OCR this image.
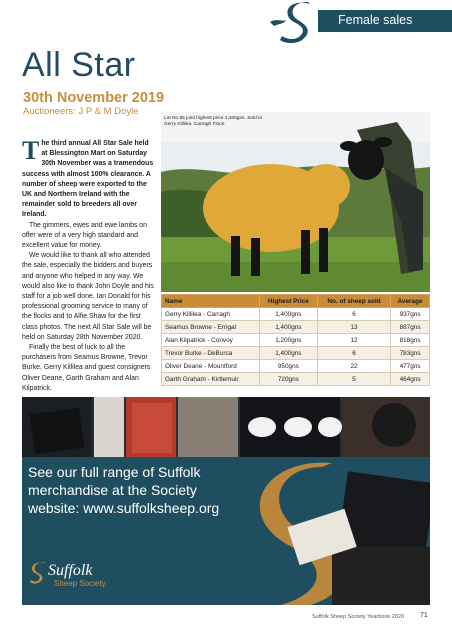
Female sales
All Star
30th November 2019
Auctioneers: J P & M Doyle

The third annual All Star Sale held at Blessington Mart on Saturday 30th November was a tramendous success with almost 100% clearance. A number of sheep were exported to the UK and Northern Ireland with the remainder sold to breeders all over Ireland.

The gimmers, ewes and ewe lambs on offer were of a very high standard and excellent value for money.

We would like to thank all who attended the sale, especially the bidders and buyers and anyone who helped in any way. We would also like to thank John Doyle and his staff for a job well done. Ian Donald for his professional grooming service to many of the flocks and to Alfie Shaw for the first class photos. The next All Star Sale will be held on Saturday 28th November 2020.

Finally the best of luck to all the purchasers from Seamus Browne, Trevor Burke, Gerry Killilea and guest consigners Oliver Deane, Garth Graham and Alan Kilpatrick.

Lot No 55 joint highest price 1,400gns. Sold to Gerry Killilea, Carragh Flock.
Name	Highest Price	No. of sheep sold	Average
Gerry Killilea - Carragh	1,400gns	6	937gns
Seamus Browne - Errigal	1,400gns	13	887gns
Alan Kilpatrick - Convoy	1,200gns	12	818gns
Trevor Burke - DeBurca	1,400gns	6	783gns
Oliver Deane - Mountford	950gns	22	477gns
Garth Graham - Kirtlemuir	720gns	5	464gns
See our full range of Suffolk
merchandise at the Society
website: www.suffolksheep.org
Suffolk
Sheep Society
Suffolk Sheep Society Yearbook 2020 71
